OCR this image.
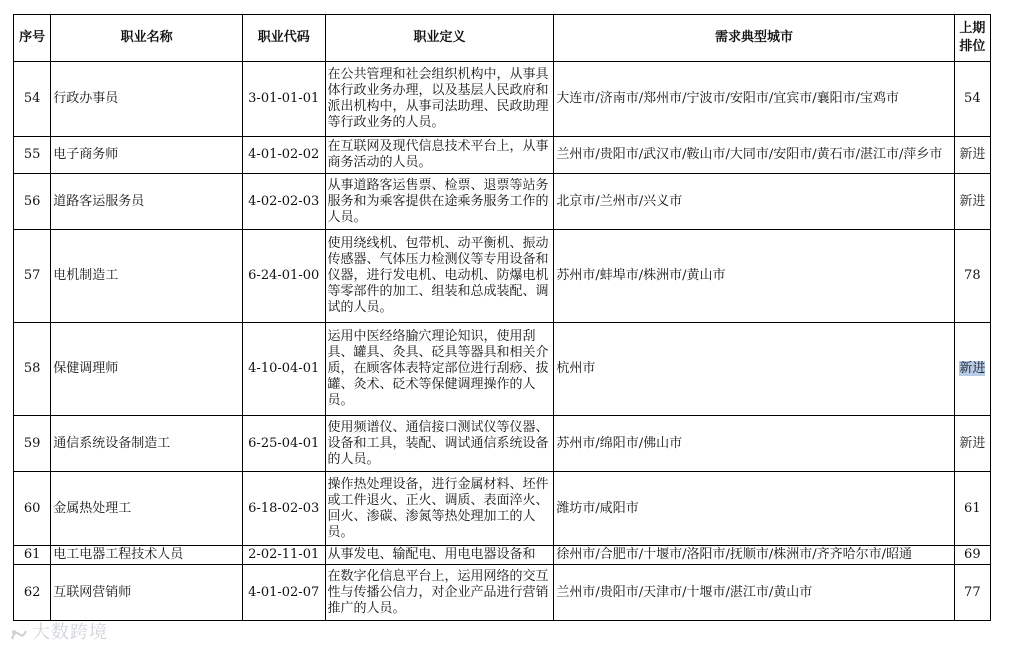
序号	职业名称	职业代码	职业定义	需求典型城市	上期排位
54	行政办事员	3-01-01-01	在公共管理和社会组织机构中，从事具体行政业务办理，以及基层人民政府和派出机构中，从事司法助理、民政助理等行政业务的人员。	大连市/济南市/郑州市/宁波市/安阳市/宜宾市/襄阳市/宝鸡市	54
55	电子商务师	4-01-02-02	在互联网及现代信息技术平台上，从事商务活动的人员。	兰州市/贵阳市/武汉市/鞍山市/大同市/安阳市/黄石市/湛江市/萍乡市	新进
56	道路客运服务员	4-02-02-03	从事道路客运售票、检票、退票等站务服务和为乘客提供在途乘务服务工作的人员。	北京市/兰州市/兴义市	新进
57	电机制造工	6-24-01-00	使用绕线机、包带机、动平衡机、振动传感器、气体压力检测仪等专用设备和仪器，进行发电机、电动机、防爆电机等零部件的加工、组装和总成装配、调试的人员。	苏州市/蚌埠市/株洲市/黄山市	78
58	保健调理师	4-10-04-01	运用中医经络腧穴理论知识，使用刮具、罐具、灸具、砭具等器具和相关介质，在顾客体表特定部位进行刮痧、拔罐、灸术、砭术等保健调理操作的人员。	杭州市	新进
59	通信系统设备制造工	6-25-04-01	使用频谱仪、通信接口测试仪等仪器、设备和工具，装配、调试通信系统设备的人员。	苏州市/绵阳市/佛山市	新进
60	金属热处理工	6-18-02-03	操作热处理设备，进行金属材料、坯件或工件退火、正火、调质、表面淬火、回火、渗碳、渗氮等热处理加工的人员。	潍坊市/咸阳市	61
61	电工电器工程技术人员	2-02-11-01	从事发电、输配电、用电电器设备和	徐州市/合肥市/十堰市/洛阳市/抚顺市/株洲市/齐齐哈尔市/昭通	69
62	互联网营销师	4-01-02-07	在数字化信息平台上，运用网络的交互性与传播公信力，对企业产品进行营销推广的人员。	兰州市/贵阳市/天津市/十堰市/湛江市/黄山市	77
大数跨境
